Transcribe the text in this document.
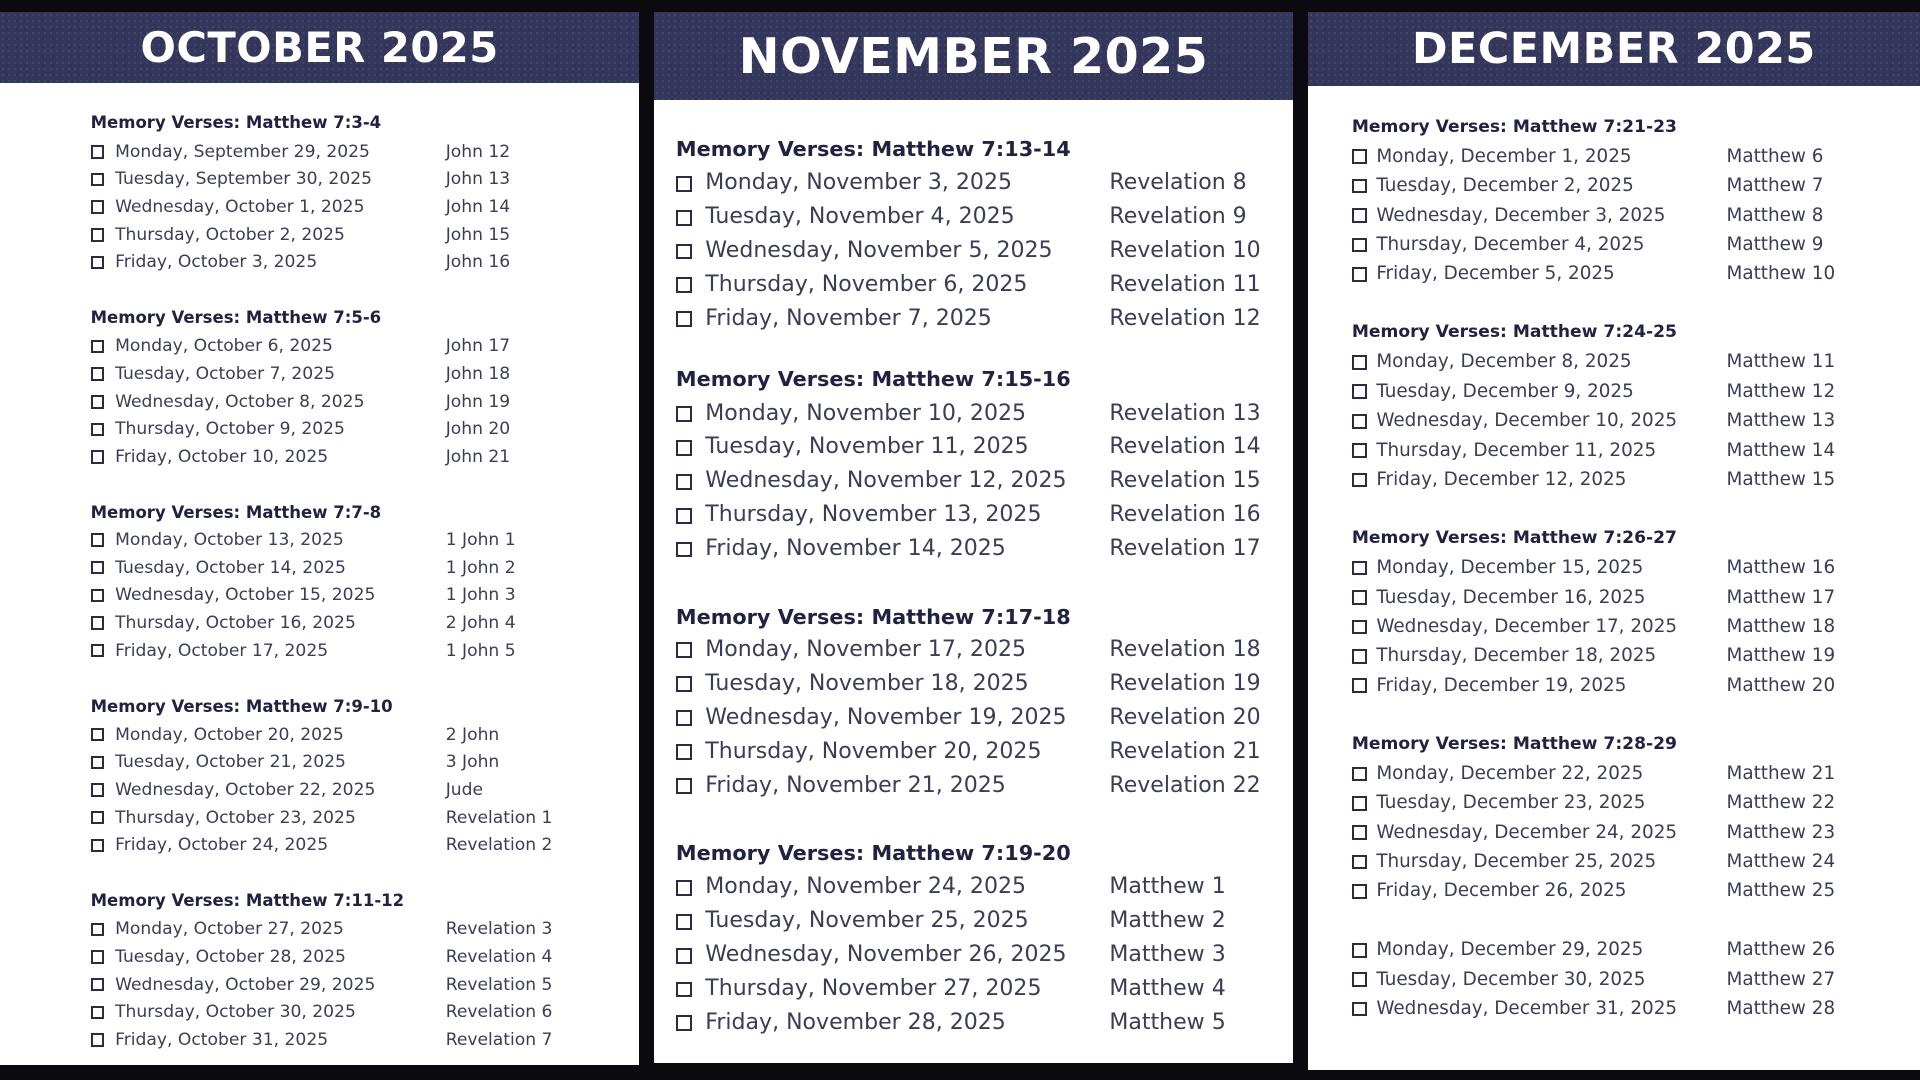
OCTOBER 2025
Memory Verses: Matthew 7:3-4
Monday, September 29, 2025	John 12
Tuesday, September 30, 2025	John 13
Wednesday, October 1, 2025	John 14
Thursday, October 2, 2025	John 15
Friday, October 3, 2025	John 16
Memory Verses: Matthew 7:5-6
Monday, October 6, 2025	John 17
Tuesday, October 7, 2025	John 18
Wednesday, October 8, 2025	John 19
Thursday, October 9, 2025	John 20
Friday, October 10, 2025	John 21
Memory Verses: Matthew 7:7-8
Monday, October 13, 2025	1 John 1
Tuesday, October 14, 2025	1 John 2
Wednesday, October 15, 2025	1 John 3
Thursday, October 16, 2025	2 John 4
Friday, October 17, 2025	1 John 5
Memory Verses: Matthew 7:9-10
Monday, October 20, 2025	2 John
Tuesday, October 21, 2025	3 John
Wednesday, October 22, 2025	Jude
Thursday, October 23, 2025	Revelation 1
Friday, October 24, 2025	Revelation 2
Memory Verses: Matthew 7:11-12
Monday, October 27, 2025	Revelation 3
Tuesday, October 28, 2025	Revelation 4
Wednesday, October 29, 2025	Revelation 5
Thursday, October 30, 2025	Revelation 6
Friday, October 31, 2025	Revelation 7
NOVEMBER 2025
Memory Verses: Matthew 7:13-14
Monday, November 3, 2025	Revelation 8
Tuesday, November 4, 2025	Revelation 9
Wednesday, November 5, 2025	Revelation 10
Thursday, November 6, 2025	Revelation 11
Friday, November 7, 2025	Revelation 12
Memory Verses: Matthew 7:15-16
Monday, November 10, 2025	Revelation 13
Tuesday, November 11, 2025	Revelation 14
Wednesday, November 12, 2025 Revelation 15
Thursday, November 13, 2025	Revelation 16
Friday, November 14, 2025	Revelation 17
Memory Verses: Matthew 7:17-18
Monday, November 17, 2025	Revelation 18
Tuesday, November 18, 2025	Revelation 19
Wednesday, November 19, 2025 Revelation 20
Thursday, November 20, 2025	Revelation 21
Friday, November 21, 2025	Revelation 22
Memory Verses: Matthew 7:19-20
Monday, November 24, 2025	Matthew 1
Tuesday, November 25, 2025	Matthew 2
Wednesday, November 26, 2025 Matthew 3
Thursday, November 27, 2025	Matthew 4
Friday, November 28, 2025	Matthew 5
DECEMBER 2025
Memory Verses: Matthew 7:21-23
Monday, December 1, 2025	Matthew 6
Tuesday, December 2, 2025	Matthew 7
Wednesday, December 3, 2025	Matthew 8
Thursday, December 4, 2025	Matthew 9
Friday, December 5, 2025	Matthew 10
Memory Verses: Matthew 7:24-25
Monday, December 8, 2025	Matthew 11
Tuesday, December 9, 2025	Matthew 12
Wednesday, December 10, 2025	Matthew 13
Thursday, December 11, 2025	Matthew 14
Friday, December 12, 2025	Matthew 15
Memory Verses: Matthew 7:26-27
Monday, December 15, 2025	Matthew 16
Tuesday, December 16, 2025	Matthew 17
Wednesday, December 17, 2025	Matthew 18
Thursday, December 18, 2025	Matthew 19
Friday, December 19, 2025	Matthew 20
Memory Verses: Matthew 7:28-29
Monday, December 22, 2025	Matthew 21
Tuesday, December 23, 2025	Matthew 22
Wednesday, December 24, 2025	Matthew 23
Thursday, December 25, 2025	Matthew 24
Friday, December 26, 2025	Matthew 25
Monday, December 29, 2025	Matthew 26
Tuesday, December 30, 2025	Matthew 27
Wednesday, December 31, 2025	Matthew 28
